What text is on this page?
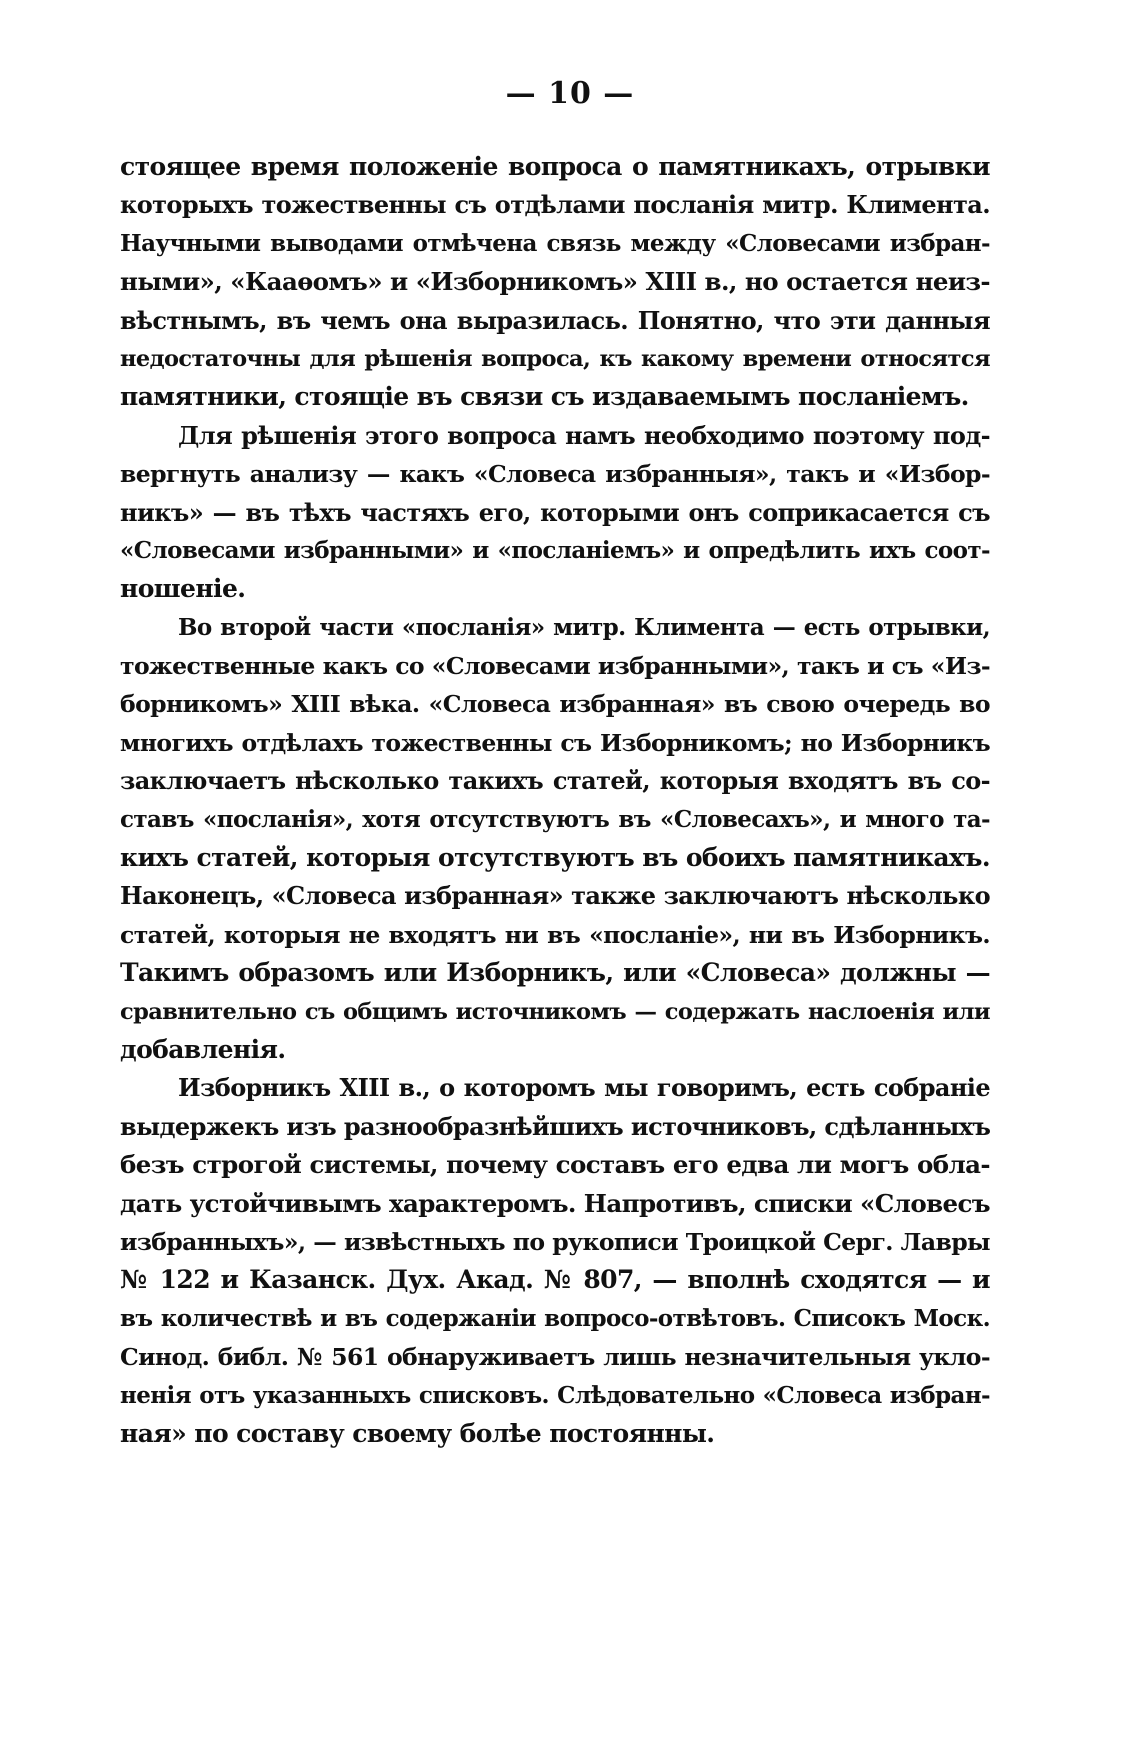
— 10 —
стоящее время положеніе вопроса о памятникахъ, отрывки
которыхъ тожественны съ отдѣлами посланія митр. Климента.
Научными выводами отмѣчена связь между «Словесами избран-
ными», «Кааѳомъ» и «Изборникомъ» XIII в., но остается неиз-
вѣстнымъ, въ чемъ она выразилась. Понятно, что эти данныя
недостаточны для рѣшенія вопроса, къ какому времени относятся
памятники, стоящіе въ связи съ издаваемымъ посланіемъ.
Для рѣшенія этого вопроса намъ необходимо поэтому под-
вергнуть анализу — какъ «Словеса избранныя», такъ и «Избор-
никъ» — въ тѣхъ частяхъ его, которыми онъ соприкасается съ
«Словесами избранными» и «посланіемъ» и опредѣлить ихъ соот-
ношеніе.
Во второй части «посланія» митр. Климента — есть отрывки,
тожественные какъ со «Словесами избранными», такъ и съ «Из-
борникомъ» XIII вѣка. «Словеса избранная» въ свою очередь во
многихъ отдѣлахъ тожественны съ Изборникомъ; но Изборникъ
заключаетъ нѣсколько такихъ статей, которыя входятъ въ со-
ставъ «посланія», хотя отсутствуютъ въ «Словесахъ», и много та-
кихъ статей, которыя отсутствуютъ въ обоихъ памятникахъ.
Наконецъ, «Словеса избранная» также заключаютъ нѣсколько
статей, которыя не входятъ ни въ «посланіе», ни въ Изборникъ.
Такимъ образомъ или Изборникъ, или «Словеса» должны —
сравнительно съ общимъ источникомъ — содержать наслоенія или
добавленія.
Изборникъ XIII в., о которомъ мы говоримъ, есть собраніе
выдержекъ изъ разнообразнѣйшихъ источниковъ, сдѣланныхъ
безъ строгой системы, почему составъ его едва ли могъ обла-
дать устойчивымъ характеромъ. Напротивъ, списки «Словесъ
избранныхъ», — извѣстныхъ по рукописи Троицкой Серг. Лавры
№ 122 и Казанск. Дух. Акад. № 807, — вполнѣ сходятся — и
въ количествѣ и въ содержаніи вопросо-отвѣтовъ. Списокъ Моск.
Синод. библ. № 561 обнаруживаетъ лишь незначительныя укло-
ненія отъ указанныхъ списковъ. Слѣдовательно «Словеса избран-
ная» по составу своему болѣе постоянны.
